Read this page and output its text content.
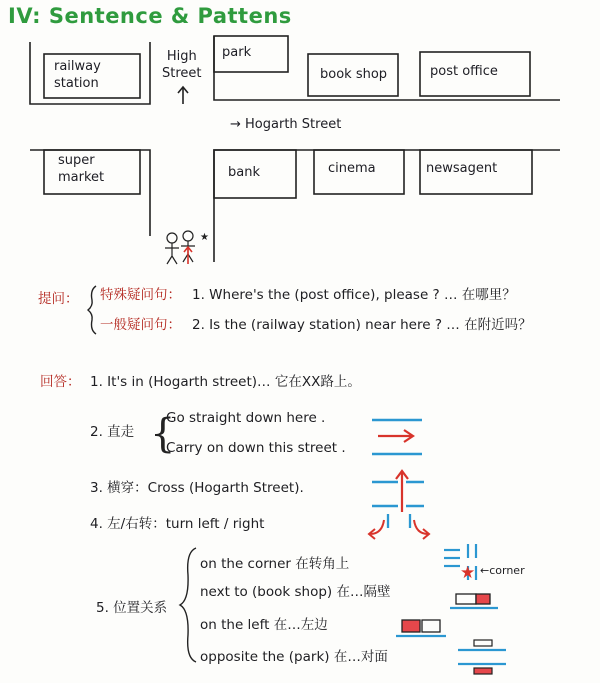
IV: Sentence & Pattens
★
★
railway
station
High
Street
park
book shop	post office
→ Hogarth Street
super
market	bank	cinema	newsagent
提问： 特殊疑问句： 1. Where's the (post office), please ? … 在哪里？
一般疑问句： 2. Is the (railway station) near here ? … 在附近吗？
回答： 1. It's in (Hogarth street)… 它在XX路上。
2. 直走 {
Go straight down here .
Carry on down this street .
3. 横穿：Cross (Hogarth Street).
4. 左/右转：turn left / right
5. 位置关系
on the corner 在转角上
next to (book shop) 在…隔壁
on the left 在…左边
opposite the (park) 在…对面
←corner
